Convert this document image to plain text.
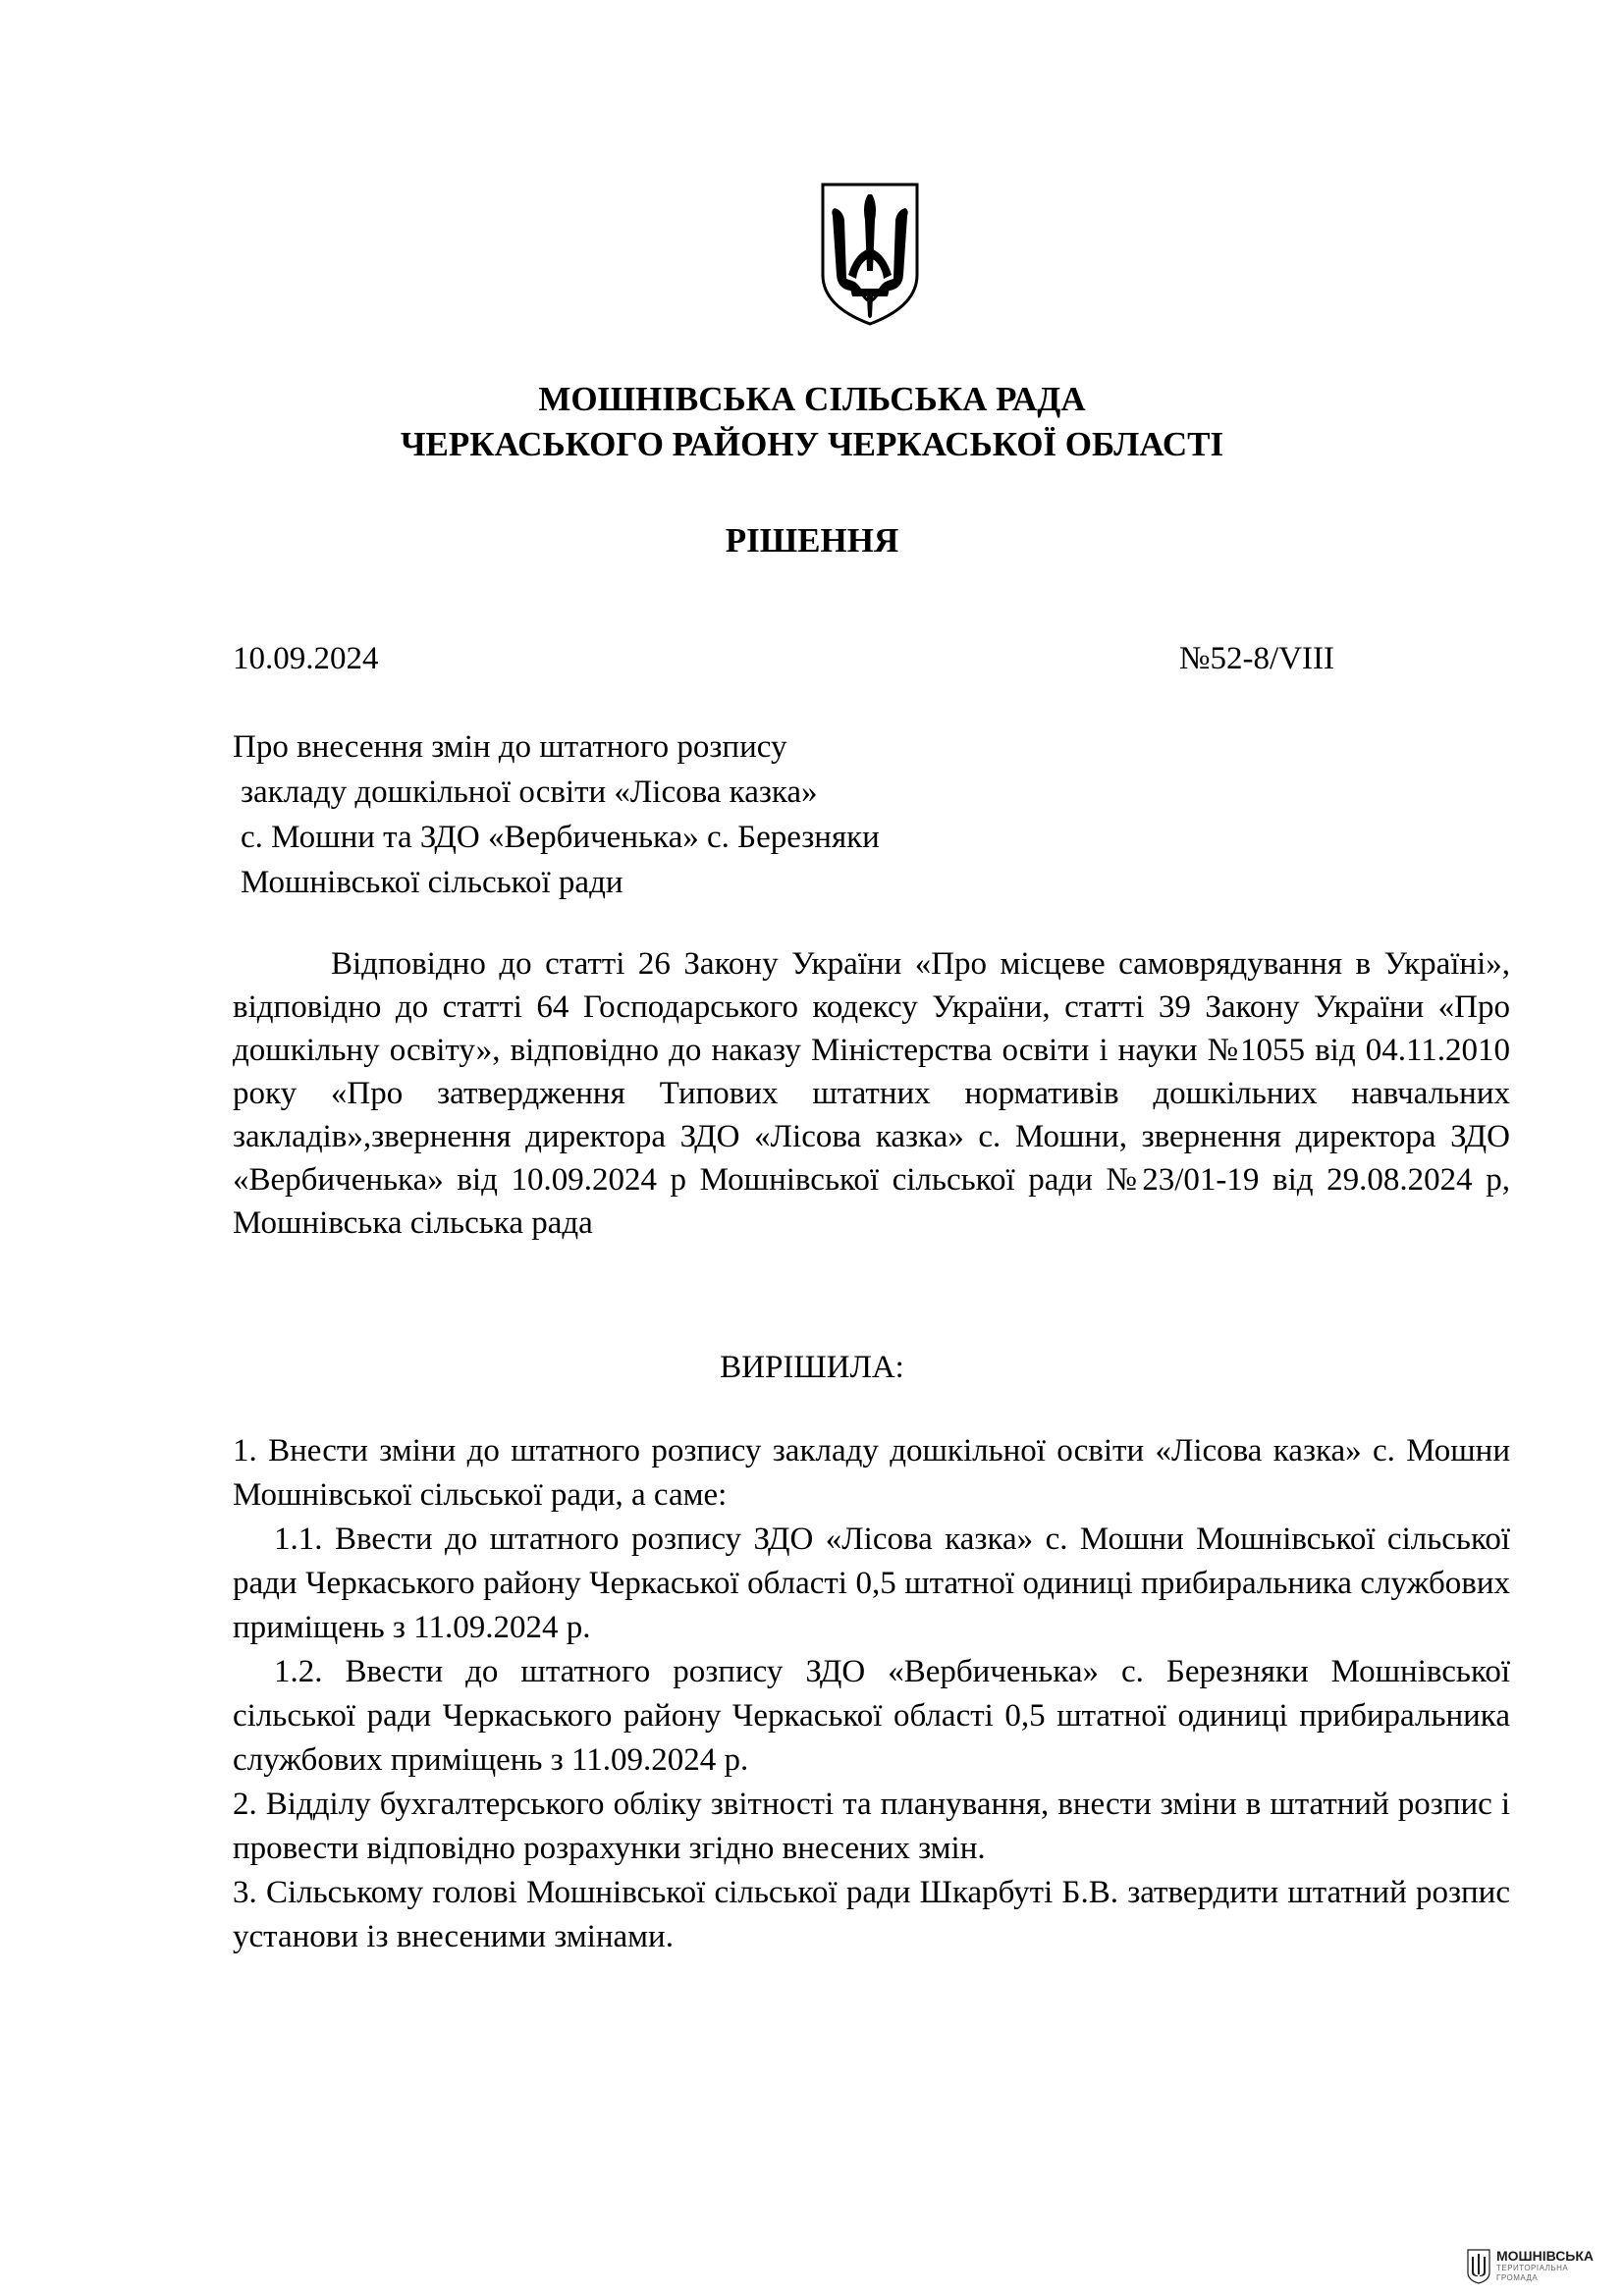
МОШНІВСЬКА СІЛЬСЬКА РАДА
ЧЕРКАСЬКОГО РАЙОНУ ЧЕРКАСЬКОЇ ОБЛАСТІ
РІШЕННЯ
10.09.2024	№52-8/VIII
Про внесення змін до штатного розпису
закладу дошкільної освіти «Лісова казка»
с. Мошни та ЗДО «Вербиченька» с. Березняки
Мошнівської сільської ради
Відповідно до статті 26 Закону України «Про місцеве самоврядування в Україні», відповідно до статті 64 Господарського кодексу України, статті 39 Закону України «Про дошкільну освіту», відповідно до наказу Міністерства освіти і науки №1055 від 04.11.2010 року «Про затвердження Типових штатних нормативів дошкільних навчальних закладів»,звернення директора ЗДО «Лісова казка» с. Мошни, звернення директора ЗДО «Вербиченька» від 10.09.2024 р Мошнівської сільської ради №23/01-19 від 29.08.2024 р, Мошнівська сільська рада
ВИРІШИЛА:

1. Внести зміни до штатного розпису закладу дошкільної освіти «Лісова казка» с. Мошни Мошнівської сільської ради, а саме:

1.1. Ввести до штатного розпису ЗДО «Лісова казка» с. Мошни Мошнівської сільської ради Черкаського району Черкаської області 0,5 штатної одиниці прибиральника службових приміщень з 11.09.2024 р.

1.2. Ввести до штатного розпису ЗДО «Вербиченька» с. Березняки Мошнівської сільської ради Черкаського району Черкаської області 0,5 штатної одиниці прибиральника службових приміщень з 11.09.2024 р.

2. Відділу бухгалтерського обліку звітності та планування, внести зміни в штатний розпис і провести відповідно розрахунки згідно внесених змін.

3. Сільському голові Мошнівської сільської ради Шкарбуті Б.В. затвердити штатний розпис установи із внесеними змінами.

МОШНІВСЬКА
ТЕРИТОРІАЛЬНА
ГРОМАДА
